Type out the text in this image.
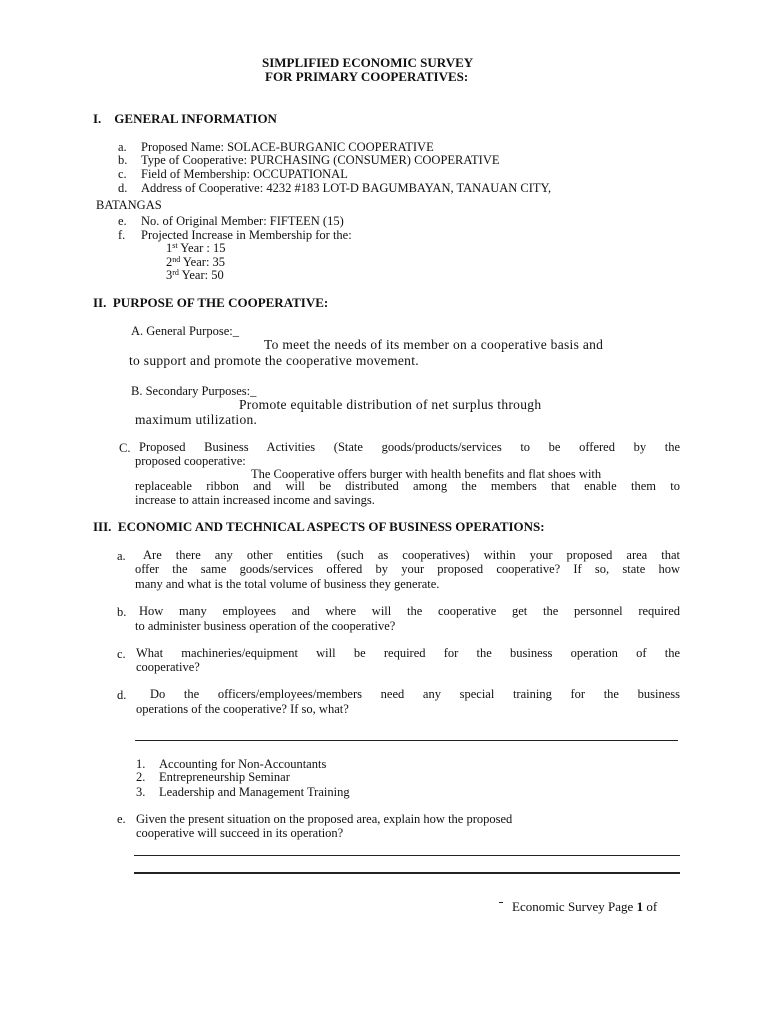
SIMPLIFIED ECONOMIC SURVEY
FOR PRIMARY COOPERATIVES:
I.    GENERAL INFORMATION
a. Proposed Name: SOLACE-BURGANIC COOPERATIVE
b. Type of Cooperative: PURCHASING (CONSUMER) COOPERATIVE
c. Field of Membership: OCCUPATIONAL
d. Address of Cooperative: 4232 #183 LOT-D BAGUMBAYAN, TANAUAN CITY,
BATANGAS
e. No. of Original Member: FIFTEEN (15)
f. Projected Increase in Membership for the:
1st Year : 15
2nd Year: 35
3rd Year: 50
II.  PURPOSE OF THE COOPERATIVE:
A. General Purpose:_
To meet the needs of its member on a cooperative basis and
to support and promote the cooperative movement.
B. Secondary Purposes:_
Promote equitable distribution of net surplus through
maximum utilization.
C. Proposed Business Activities (State goods/products/services to be offered by the
proposed cooperative:
The Cooperative offers burger with health benefits and flat shoes with
replaceable ribbon and will be distributed among the members that enable them to
increase to attain increased income and savings.
III.  ECONOMIC AND TECHNICAL ASPECTS OF BUSINESS OPERATIONS:
a. Are there any other entities (such as cooperatives) within your proposed area that
offer the same goods/services offered by your proposed cooperative? If so, state how
many and what is the total volume of business they generate.
b. How many employees and where will the cooperative get the personnel required
to administer business operation of the cooperative?
c. What machineries/equipment will be required for the business operation of the
cooperative?
d. Do the officers/employees/members need any special training for the business
operations of the cooperative? If so, what?
1. Accounting for Non-Accountants
2. Entrepreneurship Seminar
3. Leadership and Management Training
e. Given the present situation on the proposed area, explain how the proposed
cooperative will succeed in its operation?

Economic Survey Page 1 of
